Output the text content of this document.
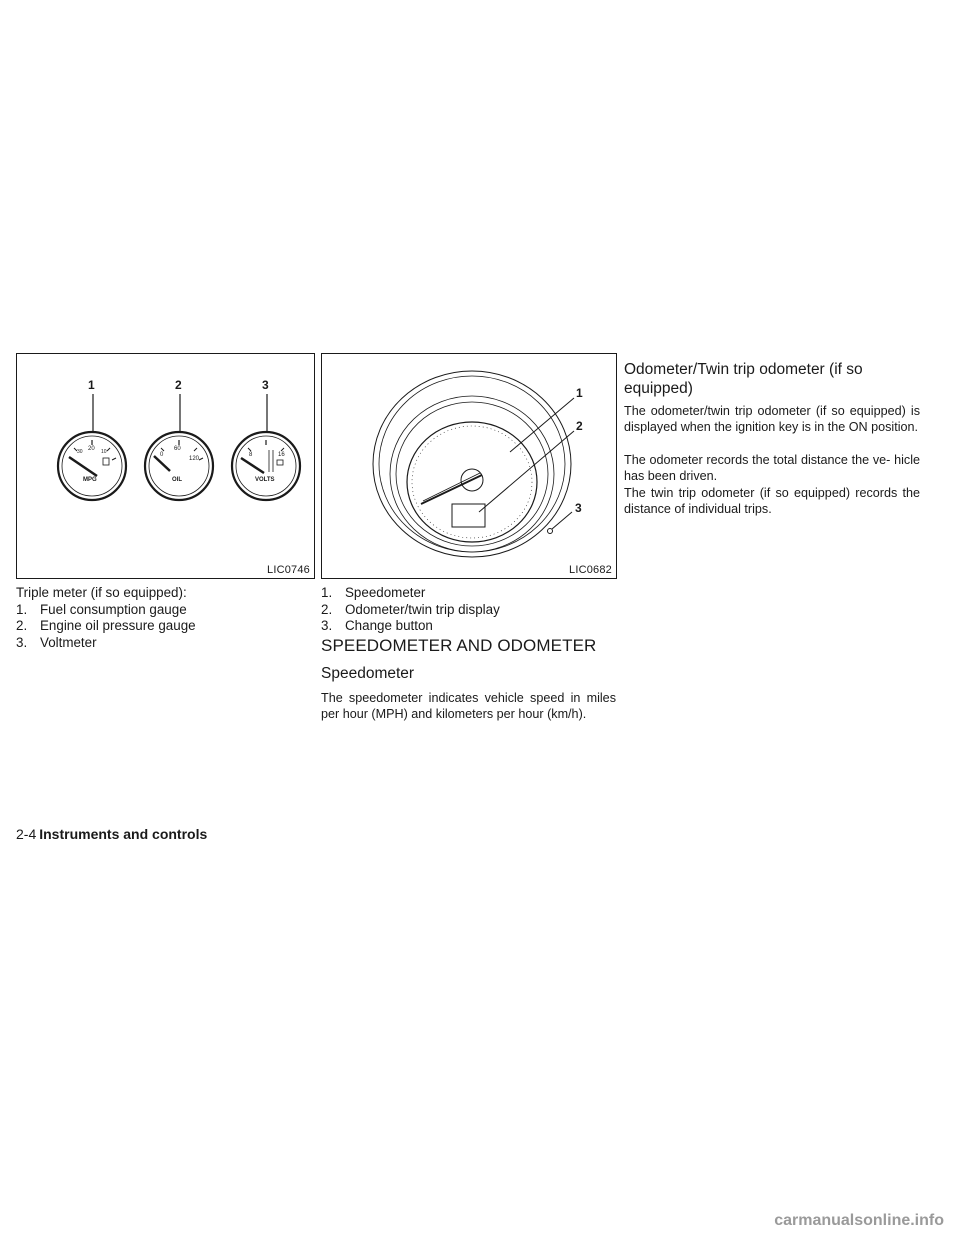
1	2	3
30 20 10	0
60
120
8	16
MPG	OIL	VOLTS
LIC0746
1
2
3
LIC0682
Triple meter (if so equipped):
1. Fuel consumption gauge
2. Engine oil pressure gauge
3. Voltmeter
1. Speedometer
2. Odometer/twin trip display
3. Change button
SPEEDOMETER AND ODOMETER
Speedometer

The speedometer indicates vehicle speed in miles per hour (MPH) and kilometers per hour (km/h).

Odometer/Twin trip odometer (if so equipped)

The odometer/twin trip odometer (if so equipped) is displayed when the ignition key is in the ON position.

The odometer records the total distance the ve- hicle has been driven.

The twin trip odometer (if so equipped) records the distance of individual trips.

2-4 Instruments and controls
carmanualsonline.info
